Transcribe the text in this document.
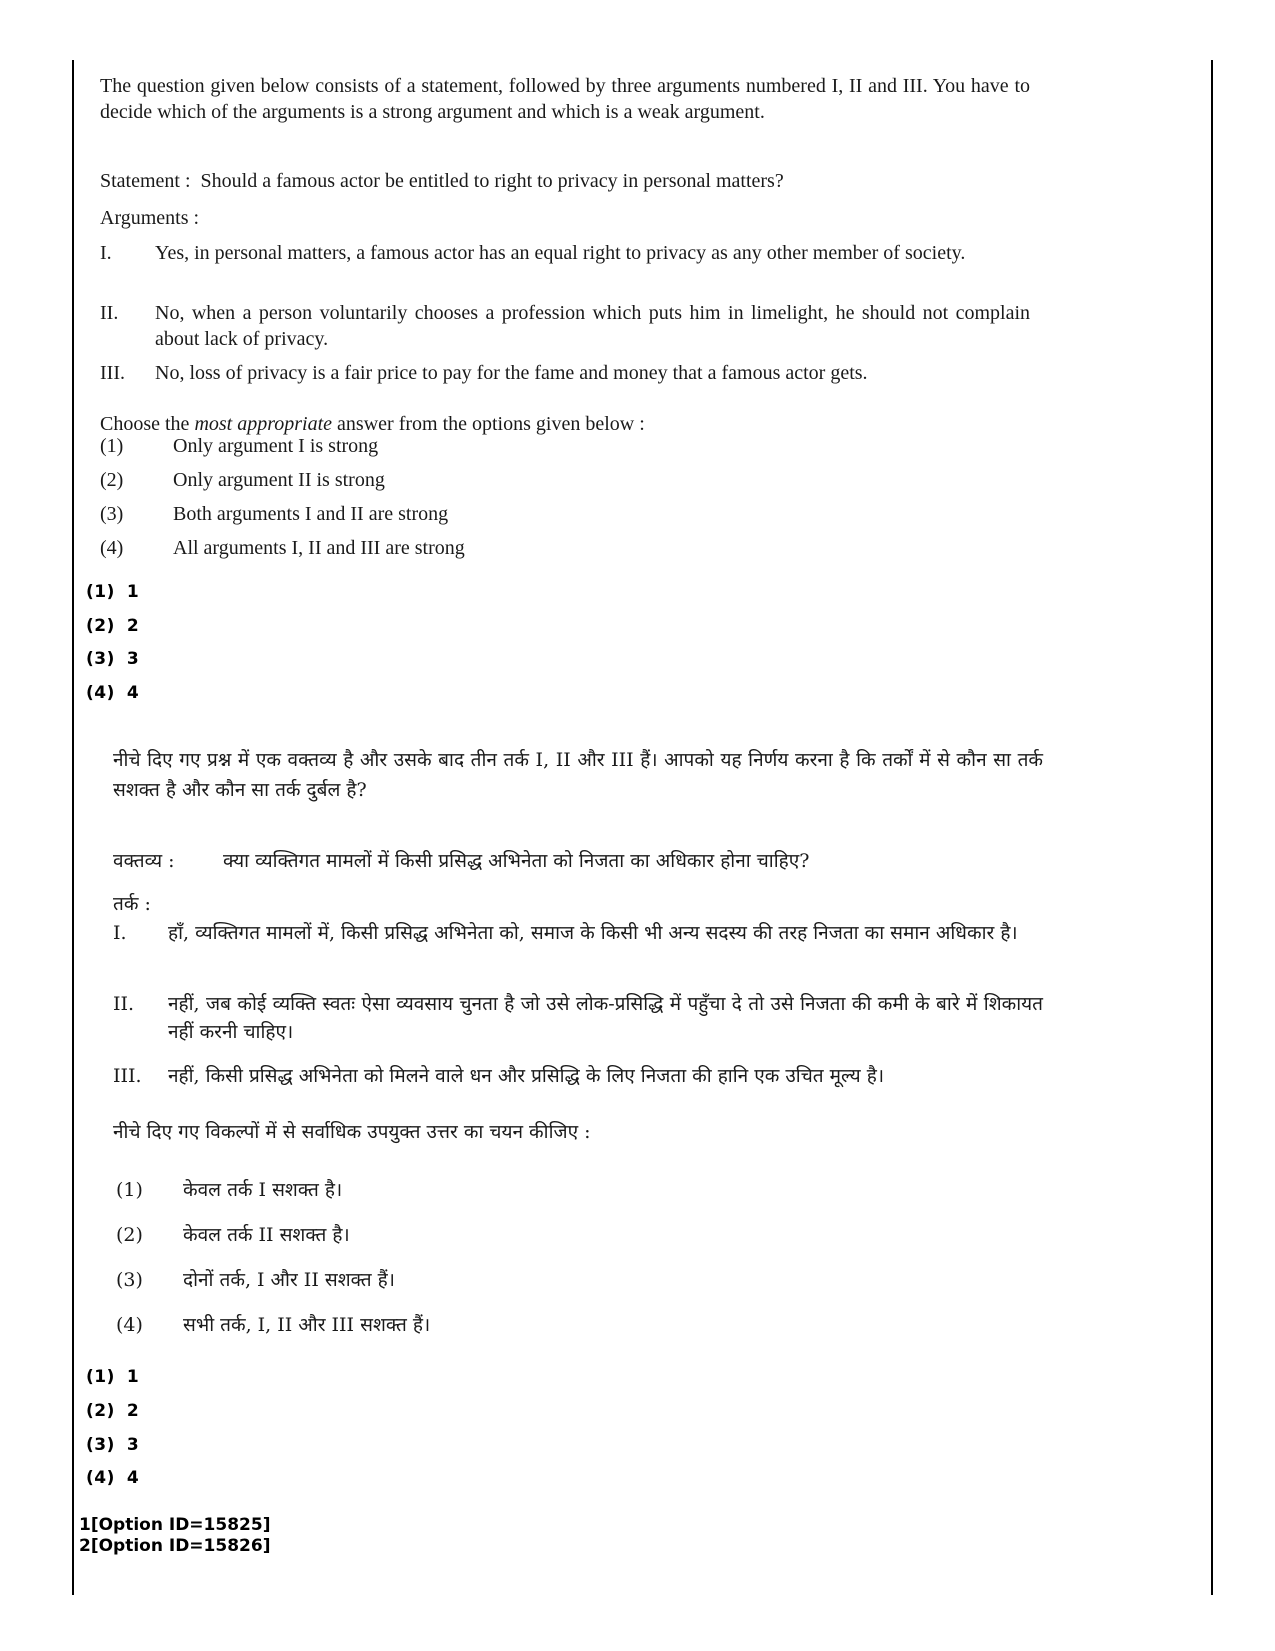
The question given below consists of a statement, followed by three arguments numbered I, II and III. You have to decide which of the arguments is a strong argument and which is a weak argument.
Statement :  Should a famous actor be entitled to right to privacy in personal matters?
Arguments :
I.	Yes, in personal matters, a famous actor has an equal right to privacy as any other member of society.
II.	No, when a person voluntarily chooses a profession which puts him in limelight, he should not complain about lack of privacy.
III.	No, loss of privacy is a fair price to pay for the fame and money that a famous actor gets.
Choose the most appropriate answer from the options given below :
(1)	Only argument I is strong
(2)	Only argument II is strong
(3)	Both arguments I and II are strong
(4)	All arguments I, II and III are strong
(1) 1
(2) 2
(3) 3
(4) 4
नीचे दिए गए प्रश्न में एक वक्तव्य है और उसके बाद तीन तर्क I, II और III हैं। आपको यह निर्णय करना है कि तर्कों में से कौन सा तर्क सशक्त है और कौन सा तर्क दुर्बल है?
वक्तव्य :	क्या व्यक्तिगत मामलों में किसी प्रसिद्ध अभिनेता को निजता का अधिकार होना चाहिए?
तर्क :
I.	हाँ, व्यक्तिगत मामलों में, किसी प्रसिद्ध अभिनेता को, समाज के किसी भी अन्य सदस्य की तरह निजता का समान अधिकार है।
II.	नहीं, जब कोई व्यक्ति स्वतः ऐसा व्यवसाय चुनता है जो उसे लोक-प्रसिद्धि में पहुँचा दे तो उसे निजता की कमी के बारे में शिकायत नहीं करनी चाहिए।
III.	नहीं, किसी प्रसिद्ध अभिनेता को मिलने वाले धन और प्रसिद्धि के लिए निजता की हानि एक उचित मूल्य है।
नीचे दिए गए विकल्पों में से सर्वाधिक उपयुक्त उत्तर का चयन कीजिए :
(1)	केवल तर्क I सशक्त है।
(2)	केवल तर्क II सशक्त है।
(3)	दोनों तर्क, I और II सशक्त हैं।
(4)	सभी तर्क, I, II और III सशक्त हैं।
(1) 1
(2) 2
(3) 3
(4) 4
1[Option ID=15825]
2[Option ID=15826]
